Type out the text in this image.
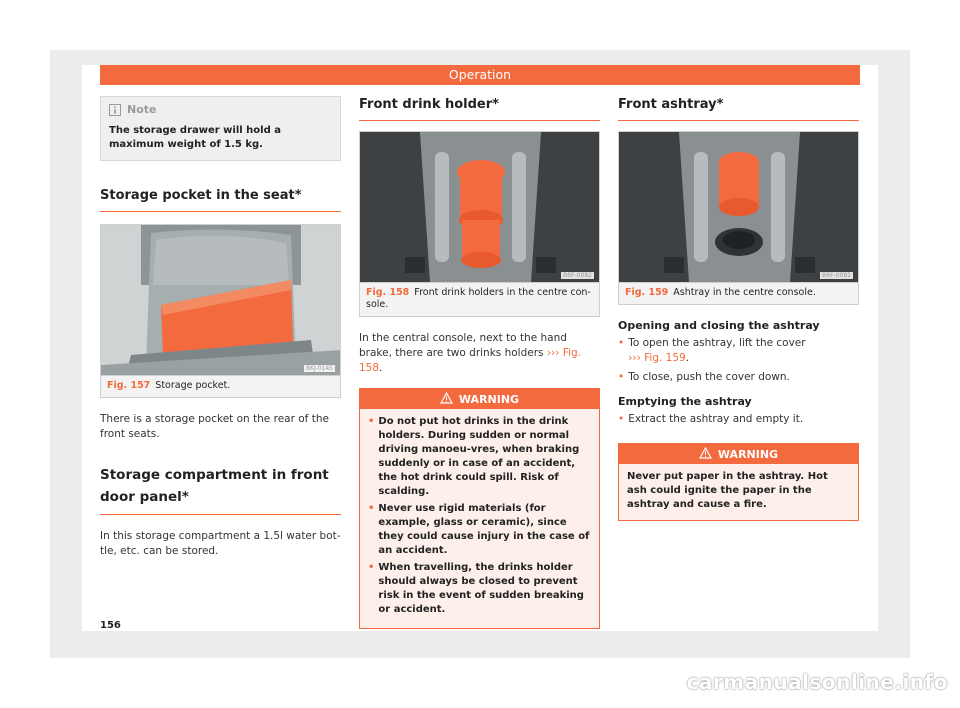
Operation
Note
The storage drawer will hold a maximum weight of 1.5 kg.
Storage pocket in the seat*
BKJ-0145
Fig. 157 Storage pocket.
There is a storage pocket on the rear of the front seats.
Storage compartment in front door panel*
In this storage compartment a 1.5l water bot-tle, etc. can be stored.
Front drink holder*
B6F-0082
Fig. 158 Front drink holders in the centre con-sole.
In the central console, next to the hand brake, there are two drinks holders ››› Fig. 158.
WARNING
• Do not put hot drinks in the drink holders. During sudden or normal driving manoeu-vres, when braking suddenly or in case of an accident, the hot drink could spill. Risk of scalding.
• Never use rigid materials (for example, glass or ceramic), since they could cause injury in the case of an accident.
• When travelling, the drinks holder should always be closed to prevent risk in the event of sudden breaking or accident.
Front ashtray*
B6F-0081
Fig. 159 Ashtray in the centre console.
Opening and closing the ashtray
• To open the ashtray, lift the cover
››› Fig. 159.
• To close, push the cover down.
Emptying the ashtray
• Extract the ashtray and empty it.
WARNING
Never put paper in the ashtray. Hot ash could ignite the paper in the ashtray and cause a fire.
156
carmanualsonline.info
